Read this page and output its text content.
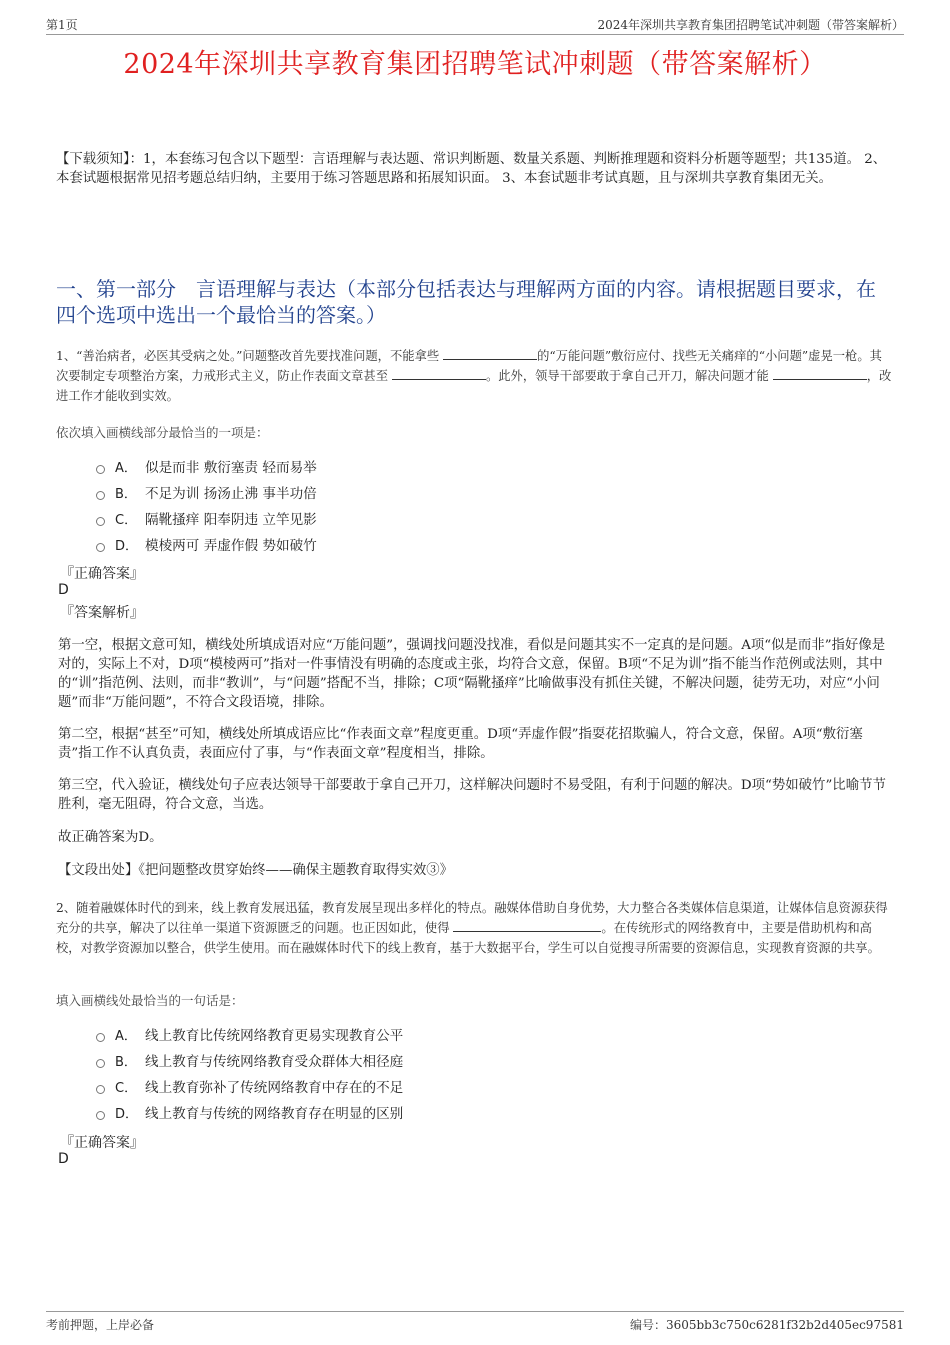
第1页	2024年深圳共享教育集团招聘笔试冲刺题（带答案解析）
2024年深圳共享教育集团招聘笔试冲刺题（带答案解析）
【下载须知】：1，本套练习包含以下题型：言语理解与表达题、常识判断题、数量关系题、判断推理题和资料分析题等题型；共135道。 2、本套试题根据常见招考题总结归纳，主要用于练习答题思路和拓展知识面。 3、本套试题非考试真题，且与深圳共享教育集团无关。
一、第一部分　言语理解与表达（本部分包括表达与理解两方面的内容。请根据题目要求，在四个选项中选出一个最恰当的答案。）
1、“善治病者，必医其受病之处。”问题整改首先要找准问题，不能拿些	的“万能问题”敷衍应付、找些无关痛痒的“小问题”虚晃一枪。其次要制定专项整治方案，力戒形式主义，防止作表面文章甚至	。此外，领导干部要敢于拿自己开刀，解决问题才能	，改进工作才能收到实效。
依次填入画横线部分最恰当的一项是：
A． 似是而非 敷衍塞责 轻而易举
B． 不足为训 扬汤止沸 事半功倍
C． 隔靴搔痒 阳奉阴违 立竿见影
D． 模棱两可 弄虚作假 势如破竹
『正确答案』
D
『答案解析』
第一空，根据文意可知，横线处所填成语对应“万能问题”，强调找问题没找准，看似是问题其实不一定真的是问题。A项“似是而非”指好像是对的，实际上不对，D项“模棱两可”指对一件事情没有明确的态度或主张，均符合文意，保留。B项“不足为训”指不能当作范例或法则，其中的“训”指范例、法则，而非“教训”，与“问题”搭配不当，排除；C项“隔靴搔痒”比喻做事没有抓住关键，不解决问题，徒劳无功，对应“小问题”而非“万能问题”，不符合文段语境，排除。
第二空，根据“甚至”可知，横线处所填成语应比“作表面文章”程度更重。D项“弄虚作假”指耍花招欺骗人，符合文意，保留。A项“敷衍塞责”指工作不认真负责，表面应付了事，与“作表面文章”程度相当，排除。
第三空，代入验证，横线处句子应表达领导干部要敢于拿自己开刀，这样解决问题时不易受阻，有利于问题的解决。D项“势如破竹”比喻节节胜利，毫无阻碍，符合文意，当选。
故正确答案为D。
【文段出处】《把问题整改贯穿始终——确保主题教育取得实效③》
2、随着融媒体时代的到来，线上教育发展迅猛，教育发展呈现出多样化的特点。融媒体借助自身优势，大力整合各类媒体信息渠道，让媒体信息资源获得充分的共享，解决了以往单一渠道下资源匮乏的问题。也正因如此，使得	。在传统形式的网络教育中，主要是借助机构和高校，对教学资源加以整合，供学生使用。而在融媒体时代下的线上教育，基于大数据平台，学生可以自觉搜寻所需要的资源信息，实现教育资源的共享。
填入画横线处最恰当的一句话是：
A． 线上教育比传统网络教育更易实现教育公平
B． 线上教育与传统网络教育受众群体大相径庭
C． 线上教育弥补了传统网络教育中存在的不足
D． 线上教育与传统的网络教育存在明显的区别
『正确答案』
D
考前押题，上岸必备	编号：3605bb3c750c6281f32b2d405ec97581
